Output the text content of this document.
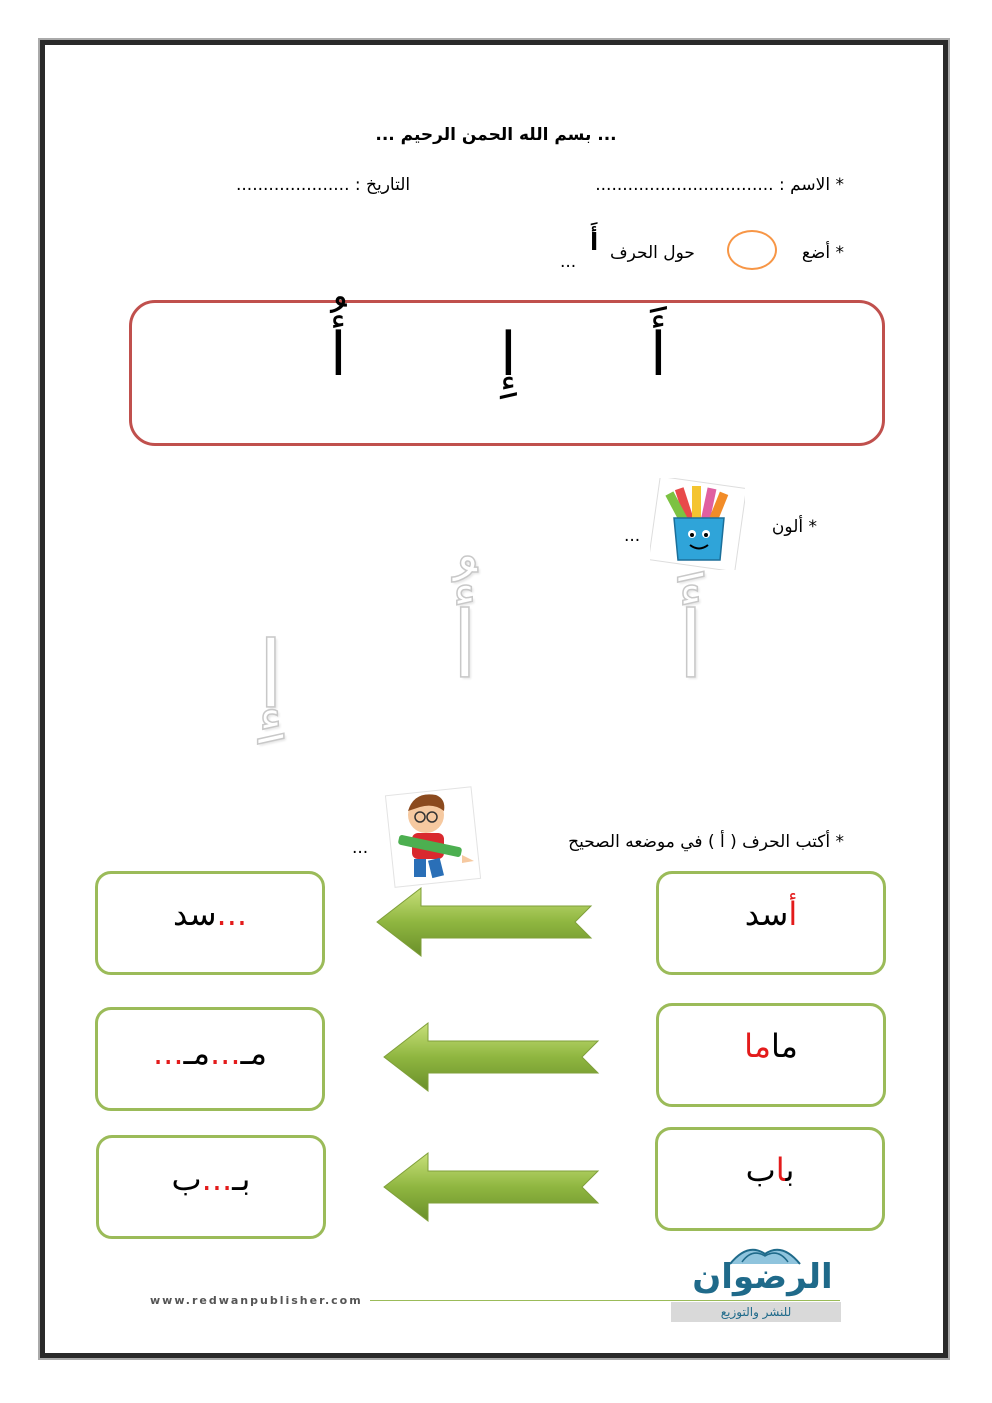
... بسم الله الحمن الرحيم ...
* الاسم : .................................
التاريخ : .....................
* أضع
حول الحرف
أَ
...
أَ
إِ
أُ
* ألون
...
أَ
أُ
إِ
* أكتب الحرف ( أ ) في موضعه الصحيح
...
أسد
...سد
ماما
مـ...مـ...
باب
بـ...ب
www.redwanpublisher.com
الرضوان
للنشر والتوزيع
